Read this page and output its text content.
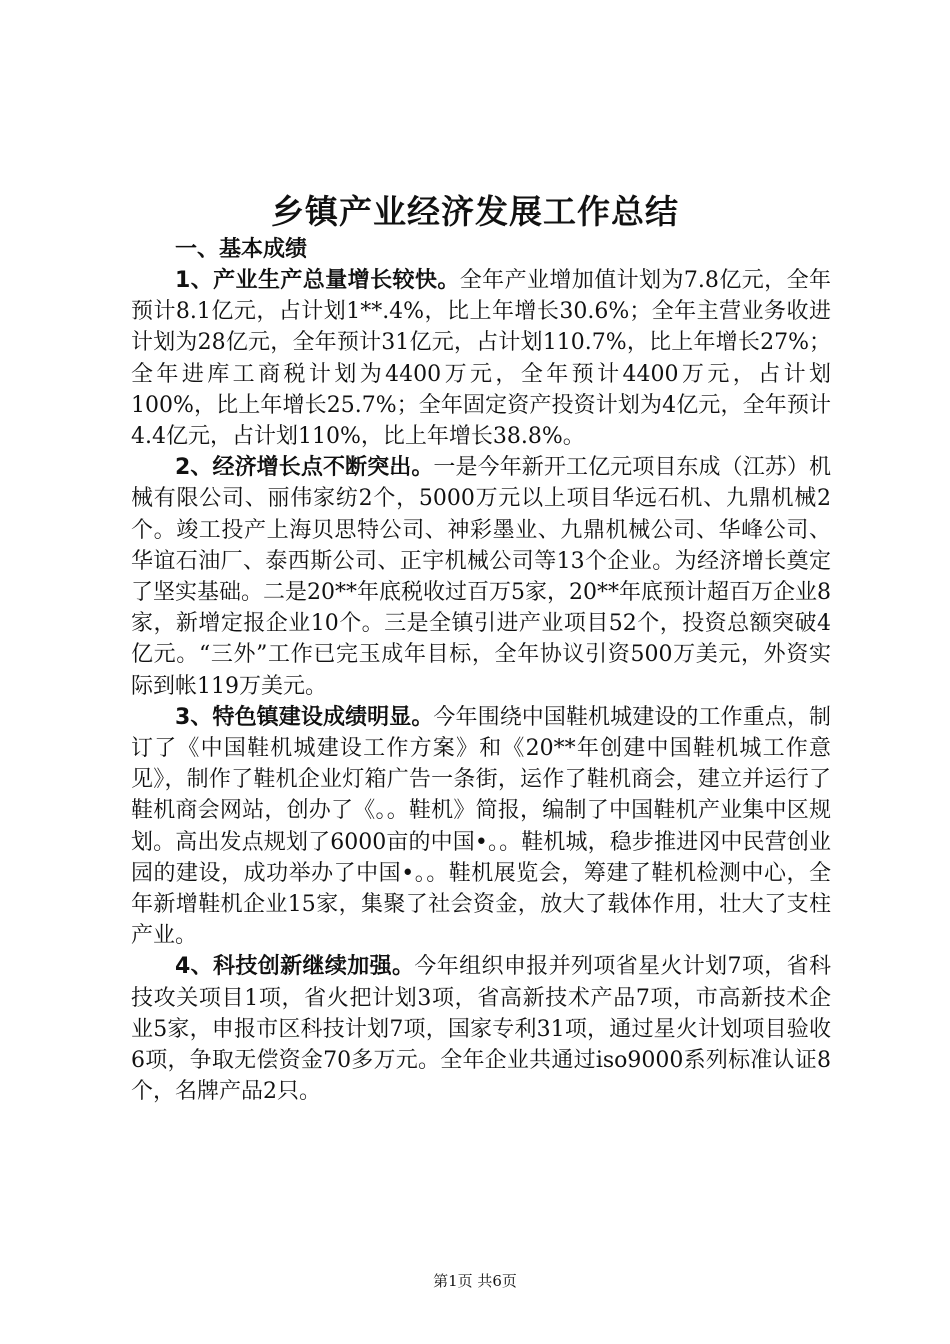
乡镇产业经济发展工作总结

一、基本成绩

1、产业生产总量增长较快。全年产业增加值计划为7.8亿元，全年预计8.1亿元，占计划1**.4%，比上年增长30.6%；全年主营业务收进计划为28亿元，全年预计31亿元，占计划110.7%，比上年增长27%；全年进库工商税计划为4400万元，全年预计4400万元，占计划100%，比上年增长25.7%；全年固定资产投资计划为4亿元，全年预计4.4亿元，占计划110%，比上年增长38.8%。

2、经济增长点不断突出。一是今年新开工亿元项目东成（江苏）机械有限公司、丽伟家纺2个，5000万元以上项目华远石机、九鼎机械2个。竣工投产上海贝思特公司、神彩墨业、九鼎机械公司、华峰公司、华谊石油厂、泰西斯公司、正宇机械公司等13个企业。为经济增长奠定了坚实基础。二是20**年底税收过百万5家，20**年底预计超百万企业8家，新增定报企业10个。三是全镇引进产业项目52个，投资总额突破4亿元。“三外”工作已完玉成年目标，全年协议引资500万美元，外资实际到帐119万美元。

3、特色镇建设成绩明显。今年围绕中国鞋机城建设的工作重点，制订了《中国鞋机城建设工作方案》和《20**年创建中国鞋机城工作意见》，制作了鞋机企业灯箱广告一条街，运作了鞋机商会，建立并运行了鞋机商会网站，创办了《。。鞋机》简报，编制了中国鞋机产业集中区规划。高出发点规划了6000亩的中国•。。鞋机城，稳步推进冈中民营创业园的建设，成功举办了中国•。。鞋机展览会，筹建了鞋机检测中心，全年新增鞋机企业15家，集聚了社会资金，放大了载体作用，壮大了支柱产业。

4、科技创新继续加强。今年组织申报并列项省星火计划7项，省科技攻关项目1项，省火把计划3项，省高新技术产品7项，市高新技术企业5家，申报市区科技计划7项，国家专利31项，通过星火计划项目验收6项，争取无偿资金70多万元。全年企业共通过iso9000系列标准认证8个，名牌产品2只。

第1页 共6页
